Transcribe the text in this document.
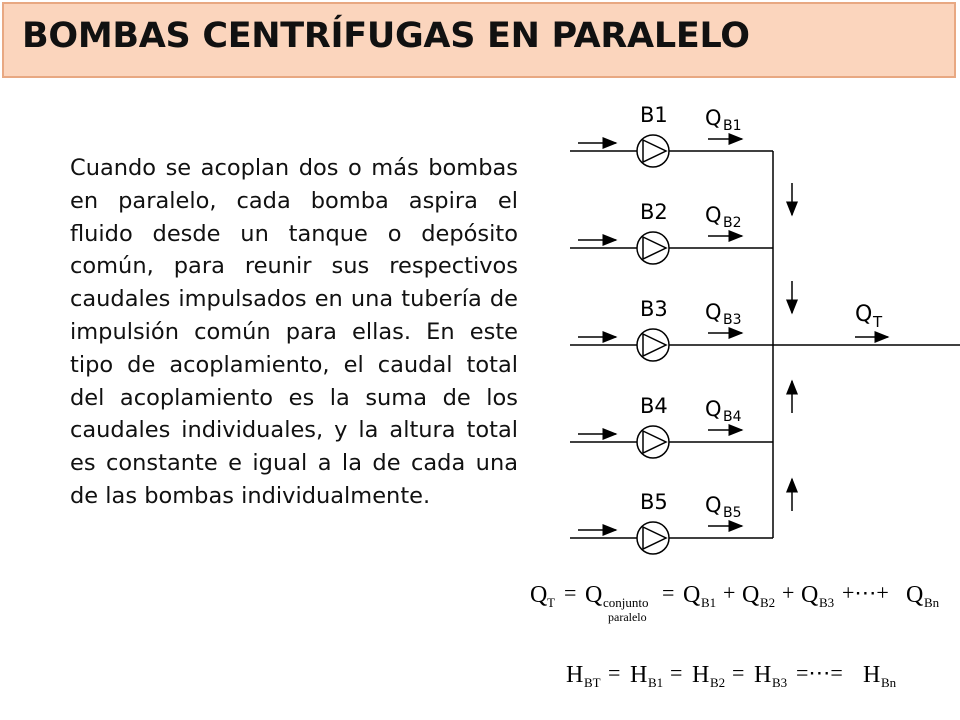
BOMBAS CENTRÍFUGAS EN PARALELO
Cuando se acoplan dos o más bombas en paralelo, cada bomba aspira el fluido desde un tanque o depósito común, para reunir sus respectivos caudales impulsados en una tubería de impulsión común para ellas. En este tipo de acoplamiento, el caudal total del acoplamiento es la suma de los caudales individuales, y la altura total es constante e igual a la de cada una de las bombas individualmente.
Q T
B1 Q B1
B2 Q B2
B3 Q B3
B4 Q B4
B5 Q B5
Q T = Q conjunto
paralelo
= Q B1 + Q B2 + Q B3 +⋯+ Q Bn
H BT = H B1 = H B2 = H B3 =⋯= H Bn
